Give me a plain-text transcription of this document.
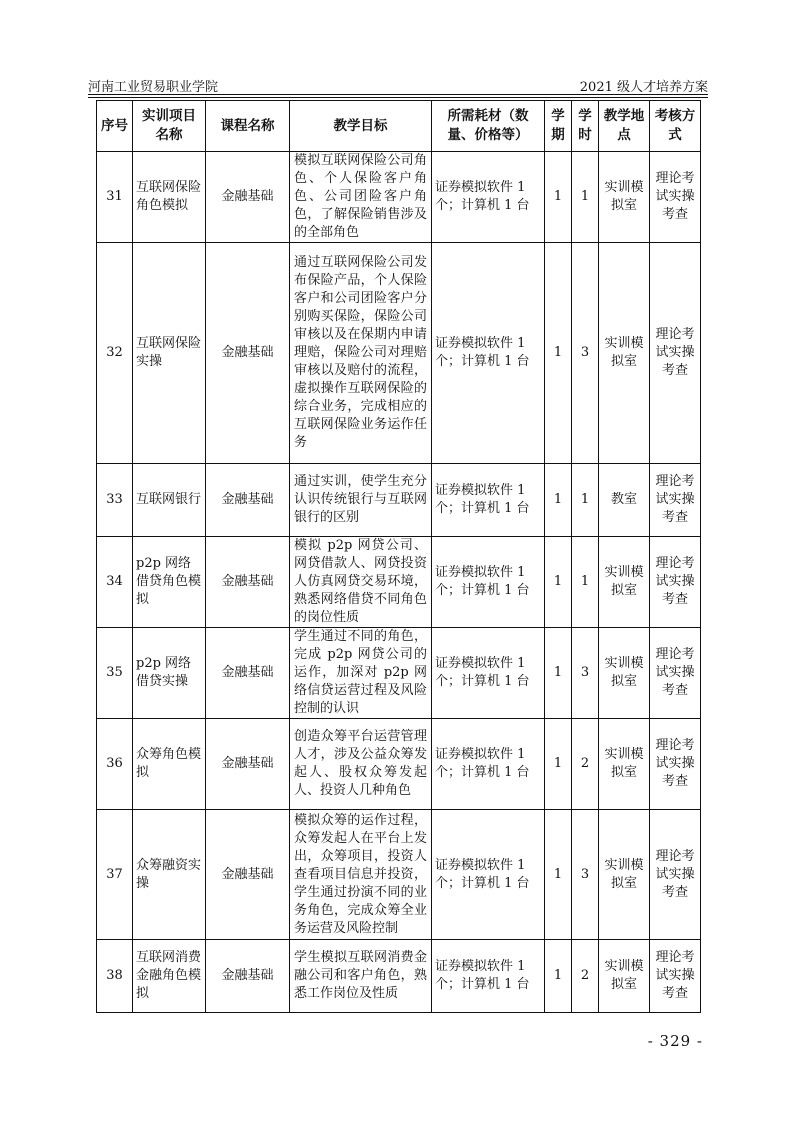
河南工业贸易职业学院	2021 级人才培养方案
序号	实训项目名称	课程名称	教学目标	所需耗材（数量、价格等）	学期	学时	教学地点	考核方式
31	互联网保险角色模拟	金融基础	模拟互联网保险公司角色、个人保险客户角色、公司团险客户角色，了解保险销售涉及的全部角色	证券模拟软件 1个；计算机 1 台	1	1	实训模拟室	理论考试实操考查
32	互联网保险实操	金融基础	通过互联网保险公司发布保险产品，个人保险客户和公司团险客户分别购买保险，保险公司审核以及在保期内申请理赔，保险公司对理赔审核以及赔付的流程，虚拟操作互联网保险的综合业务，完成相应的互联网保险业务运作任务	证券模拟软件 1个；计算机 1 台	1	3	实训模拟室	理论考试实操考查
33	互联网银行	金融基础	通过实训，使学生充分认识传统银行与互联网银行的区别	证券模拟软件 1个；计算机 1 台	1	1	教室	理论考试实操考查
34	p2p 网络借贷角色模拟	金融基础	模拟 p2p 网贷公司、网贷借款人、网贷投资人仿真网贷交易环境，熟悉网络借贷不同角色的岗位性质	证券模拟软件 1个；计算机 1 台	1	1	实训模拟室	理论考试实操考查
35	p2p 网络借贷实操	金融基础	学生通过不同的角色，完成 p2p 网贷公司的运作，加深对 p2p 网络信贷运营过程及风险控制的认识	证券模拟软件 1个；计算机 1 台	1	3	实训模拟室	理论考试实操考查
36	众筹角色模拟	金融基础	创造众筹平台运营管理人才，涉及公益众筹发起人、股权众筹发起人、投资人几种角色	证券模拟软件 1个；计算机 1 台	1	2	实训模拟室	理论考试实操考查
37	众筹融资实操	金融基础	模拟众筹的运作过程，众筹发起人在平台上发出，众筹项目，投资人查看项目信息并投资，学生通过扮演不同的业务角色，完成众筹全业务运营及风险控制	证券模拟软件 1个；计算机 1 台	1	3	实训模拟室	理论考试实操考查
38	互联网消费金融角色模拟	金融基础	学生模拟互联网消费金融公司和客户角色，熟悉工作岗位及性质	证券模拟软件 1个；计算机 1 台	1	2	实训模拟室	理论考试实操考查
- 329 -
